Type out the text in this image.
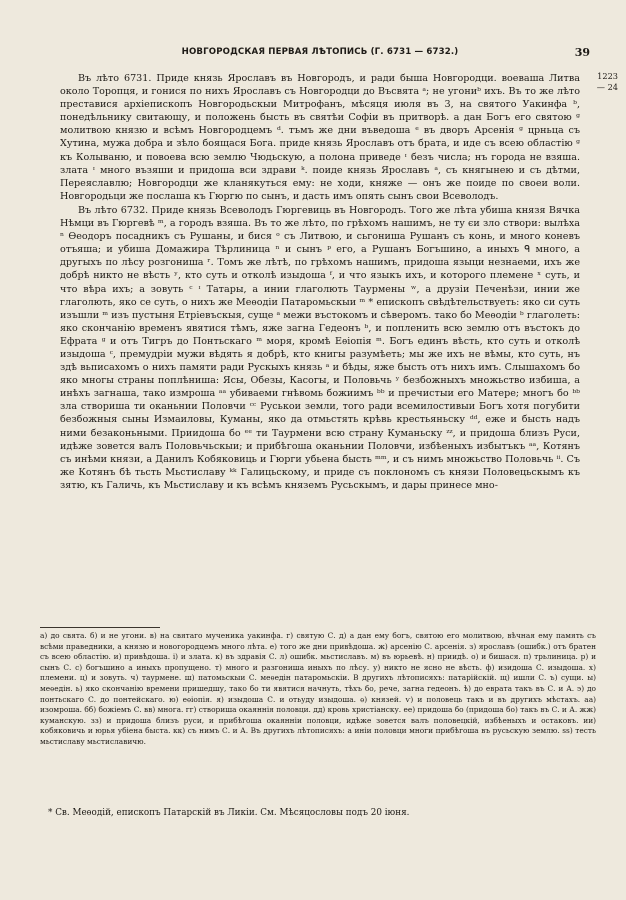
НОВГОРОДСКАЯ ПЕРВАЯ ЛѢТОПИСЬ (Г. 6731 — 6732.)	39
1223
— 24

Въ лѣто 6731. Приде князь Ярославъ въ Новгородъ, и ради быша Новгородци. воеваша Литва около Торопця, и гонися по нихъ Ярославъ съ Новгородци до Въсвята ᵃ; не угониᵇ ихъ. Въ то же лѣто преставися архіепископъ Новгородьскыи Митрофанъ, мѣсяця июля въ 3, на святого Уакинфа ᵇ, понедѣльнику свитающу, и положень бысть въ святѣи Софіи въ притворѣ. а дан Богъ его святою ᵍ молитвою князю и всѣмъ Новгородцемъ ᵈ. тъмъ же дни въведоша ᵉ въ дворъ Арсенія ᵍ црньца съ Хутина, мужа добра и зѣло боящася Бога. приде князь Ярославъ отъ брата, и иде съ всею областію ᵍ къ Колываню, и повоева всю землю Чюдьскую, а полона приведе ᶦ безъ числа; нъ города не взяша. злата ᶦ много възяши и придоша вси здрави ᵏ. поиде князь Ярославъ ᵃ, съ княгынею и съ дѣтми, Переяславлю; Новгородци же кланякуться ему: не ходи, княже — онъ же поиде по своеи воли. Новгородьци же послаша къ Гюргю по сынъ, и дасть имъ опять сынъ свои Всеволодъ.

Въ лѣто 6732. Приде князь Всеволодъ Гюргевиць въ Новгородъ. Того же лѣта убиша князя Вячка Нѣмци въ Гюргевѣ ᵐ, а городъ взяша. Въ то же лѣто, по грѣхомъ нашимъ, не ту єи зло створи: вылѣха ⁿ Ѳеодоръ посадникъ съ Рушаны, и бися ᵒ съ Литвою, и сьгониша Рушанъ съ конь, и много коневъ отъяша; и убиша Домажира Тѣрлиница ⁿ и сынъ ᵖ его, а Рушанъ Богъшино, а иныхъ ᑫ много, а другыхъ по лѣсу розгониша ʳ. Томъ же лѣтѣ, по грѣхомъ нашимъ, придоша языци незнаеми, ихъ же добрѣ никто не вѣсть ʸ, кто суть и отколѣ изыдоша ᶠ, и что языкъ ихъ, и которого племене ˣ суть, и что вѣра ихъ; а зовуть ᶜ ᶦ Татары, а инии глаголють Таурмены ʷ, а друзіи Печенѣзи, инии же глаголють, яко се суть, о нихъ же Меѳодіи Патаромьскыи ᵐ * епископъ свѣдѣтельствуеть: яко си суть изъшли ᵐ изъ пустыня Етріевъскыя, суще ᵃ межи въстокомъ и сѣверомъ. тако бо Меѳодіи ᵇ глаголеть: яко скончанію временъ явятися тѣмъ, яже загна Гедеонъ ᵇ, и попленить всю землю отъ въстокъ до Ефрата ᵍ и отъ Тигръ до Понтьскаго ᵐ моря, кромѣ Еѳіопія ᵐ. Богъ единъ вѣсть, кто суть и отколѣ изыдоша ᶜ, премудріи мужи вѣдять я добрѣ, кто книгы разумѣеть; мы же ихъ не вѣмы, кто суть, нъ здѣ вьписахомъ о нихъ памяти ради Рускыхъ князь ᵃ и бѣды, яже бысть отъ нихъ имъ. Слышахомъ бо яко многы страны поплѣниша: Ясы, Обезы, Касогы, и Половьчь ʸ безбожныхъ множьство избиша, а инѣхъ загнаша, тако измроша ᵃᵃ убиваеми гнѣвомь божиимъ ᵇᵇ и пречистыи его Матере; многъ бо ᵇᵇ зла створиша ти оканьнии Половчи ᶜᶜ Руськои земли, того ради всемилостивыи Богъ хотя погубити безбожныя сыны Измаиловы, Куманы, яко да отмьстять крѣвь крестьяньску ᵈᵈ, еже и бысть надъ ними безаконьными. Приидоша бо ᵉᵉ ти Таурмени всю страну Куманьску ᶻᶻ, и придоша близъ Руси, идѣже зовется валъ Половьчьскыи; и прибѣгоша оканьнии Половчи, избѣеныхъ избытъкъ ᵃᵃ, Котянъ съ инѣми князи, а Данилъ Кобяковиць и Гюрги убьена бысть ᵐᵐ, и съ нимъ множьство Половьчь ⁱⁱ. Съ же Котянъ бѣ тьсть Мьстиславу ᵏᵏ Галицьскому, и приде съ поклономъ съ князи Половецьскымъ къ зятю, къ Галичь, къ Мьстиславу и къ всѣмъ княземъ Русьскымъ, и дары принесе мно-

а) до свята. б) и не угони. в) на святаго мученика уакинфа. г) святую С. д) а дан ему богъ, святою его молитвою, вѣчная ему память съ всѣми праведники, а князю и новогородцемъ много лѣта. е) того же дни привѣдоша. ж) арсенію С. арсенія. з) ярославъ (ошибк.) отъ братен съ всею областію. и) привѣдоша. і) и злата. к) въ здравія С. л) ошибк. мьстиславъ. м) въ юрьевѣ. н) приидѣ. о) и бишася. п) трьлиница. р) и сынъ С. с) богъшино а иныхъ пропущено. т) много и разгониша иныхъ по лѣсу. у) никто не ясно не вѣсть. ф) изидоша С. изыдоша. х) племени. ц) и зовуть. ч) таурмене. ш) патомьскыи С. меѳедін патаромьскіи. В другихъ лѣтописяхъ: патарійскій. щ) ишли С. ъ) сущи. ы) меѳедін. ь) яко скончанію времени пришедшу, тако бо ти явятися начнуть, тѣхъ бо, рече, загна гедеонъ. ѣ) до еврата такъ въ С. и А. э) до понтьскаго С. до понтейскаго. ю) еѳіопія. я) изыдоша С. и отьуду изыдоша. ѳ) князей. ѵ) и половець такъ и въ другихъ мѣстахъ. аа) изомроша. бб) божіемъ С. вв) многа. гг) створиша окаяннія половци. дд) кровь христіанску. ее) придоша бо (придоша бо) такъ въ С. и А. жж) куманскую. зз) и придоша близъ руси, и прибѣгоша окаянніи половци, идѣже зовется валъ половецкій, избѣеныхъ и остаковъ. ии) кобяковичь и юрья убіена быста. кк) съ нимъ С. и А. Въ другихъ лѣтописяхъ: а иніи половци многи прибѣгоша въ русьскую землю. ѕѕ) тесть мьстиславу мьстиславичю.

* Св. Меѳодій, епископъ Патарскій въ Ликіи. См. Мѣсяцословы подъ 20 іюня.
